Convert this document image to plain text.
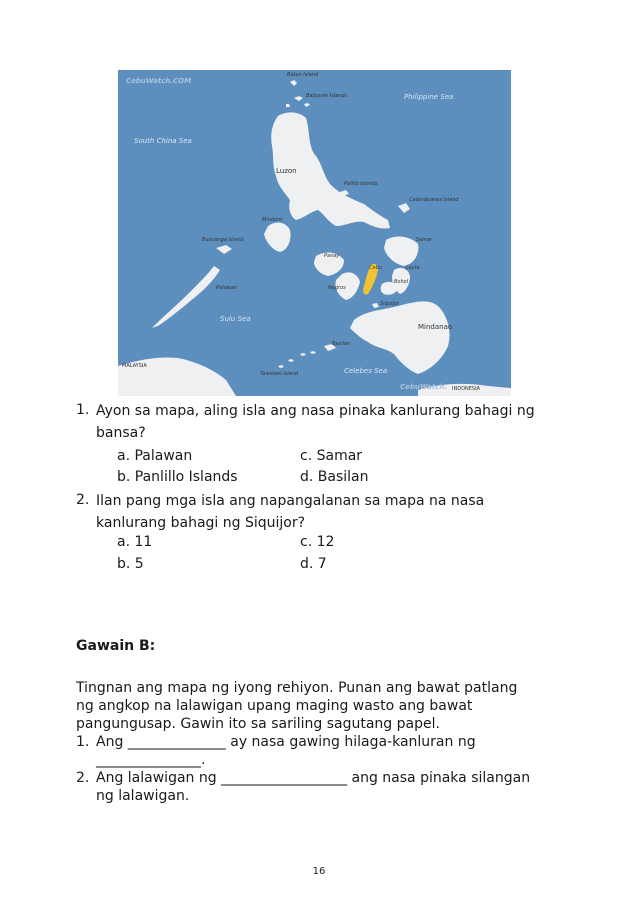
CebuWatch.COM
Batan Island
Babuyan Islands	Philippine Sea
South China Sea
Luzon
Polillo Islands
Catanduanes Island
Mindoro
Busuanga Island	Samar
Panay
Leyte
Cebu
Bohol
Negros
Siquijor
Palawan
Sulu Sea
Mindanao
Basilan
MALAYSIA
Tawitawi Island	Celebes Sea
CebuWatch. INDONESIA
1. Ayon sa mapa, aling isla ang nasa pinaka kanlurang bahagi ng
bansa?
a. Palawan	c. Samar
b. Panlillo Islands	d. Basilan
2. Ilan pang mga isla ang napangalanan sa mapa na nasa
kanlurang bahagi ng Siquijor?
a. 11	c. 12
b. 5	d. 7
Gawain B:
Tingnan ang mapa ng iyong rehiyon. Punan ang bawat patlang
ng angkop na lalawigan upang maging wasto ang bawat
pangungusap. Gawin ito sa sariling sagutang papel.
1. Ang ______________ ay nasa gawing hilaga-kanluran ng
_______________.
2. Ang lalawigan ng __________________ ang nasa pinaka silangan
ng lalawigan.
16
